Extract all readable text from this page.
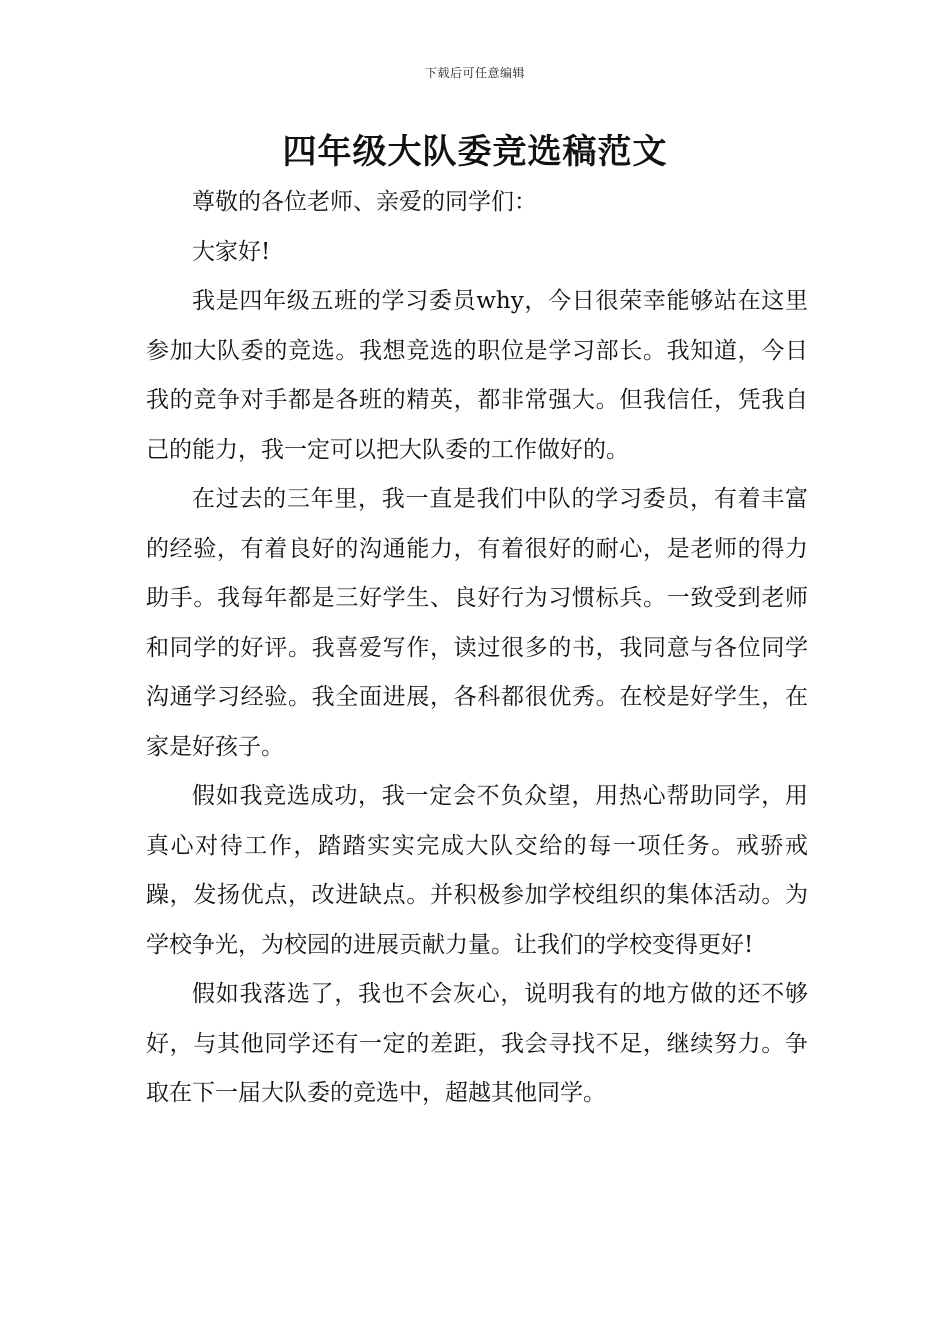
下载后可任意编辑
四年级大队委竞选稿范文

尊敬的各位老师、亲爱的同学们：

大家好!

我是四年级五班的学习委员why，今日很荣幸能够站在这里参加大队委的竞选。我想竞选的职位是学习部长。我知道，今日我的竞争对手都是各班的精英，都非常强大。但我信任，凭我自己的能力，我一定可以把大队委的工作做好的。

在过去的三年里，我一直是我们中队的学习委员，有着丰富的经验，有着良好的沟通能力，有着很好的耐心，是老师的得力助手。我每年都是三好学生、良好行为习惯标兵。一致受到老师和同学的好评。我喜爱写作，读过很多的书，我同意与各位同学沟通学习经验。我全面进展，各科都很优秀。在校是好学生，在家是好孩子。

假如我竞选成功，我一定会不负众望，用热心帮助同学，用真心对待工作，踏踏实实完成大队交给的每一项任务。戒骄戒躁，发扬优点，改进缺点。并积极参加学校组织的集体活动。为学校争光，为校园的进展贡献力量。让我们的学校变得更好!

假如我落选了，我也不会灰心，说明我有的地方做的还不够好，与其他同学还有一定的差距，我会寻找不足，继续努力。争取在下一届大队委的竞选中，超越其他同学。
